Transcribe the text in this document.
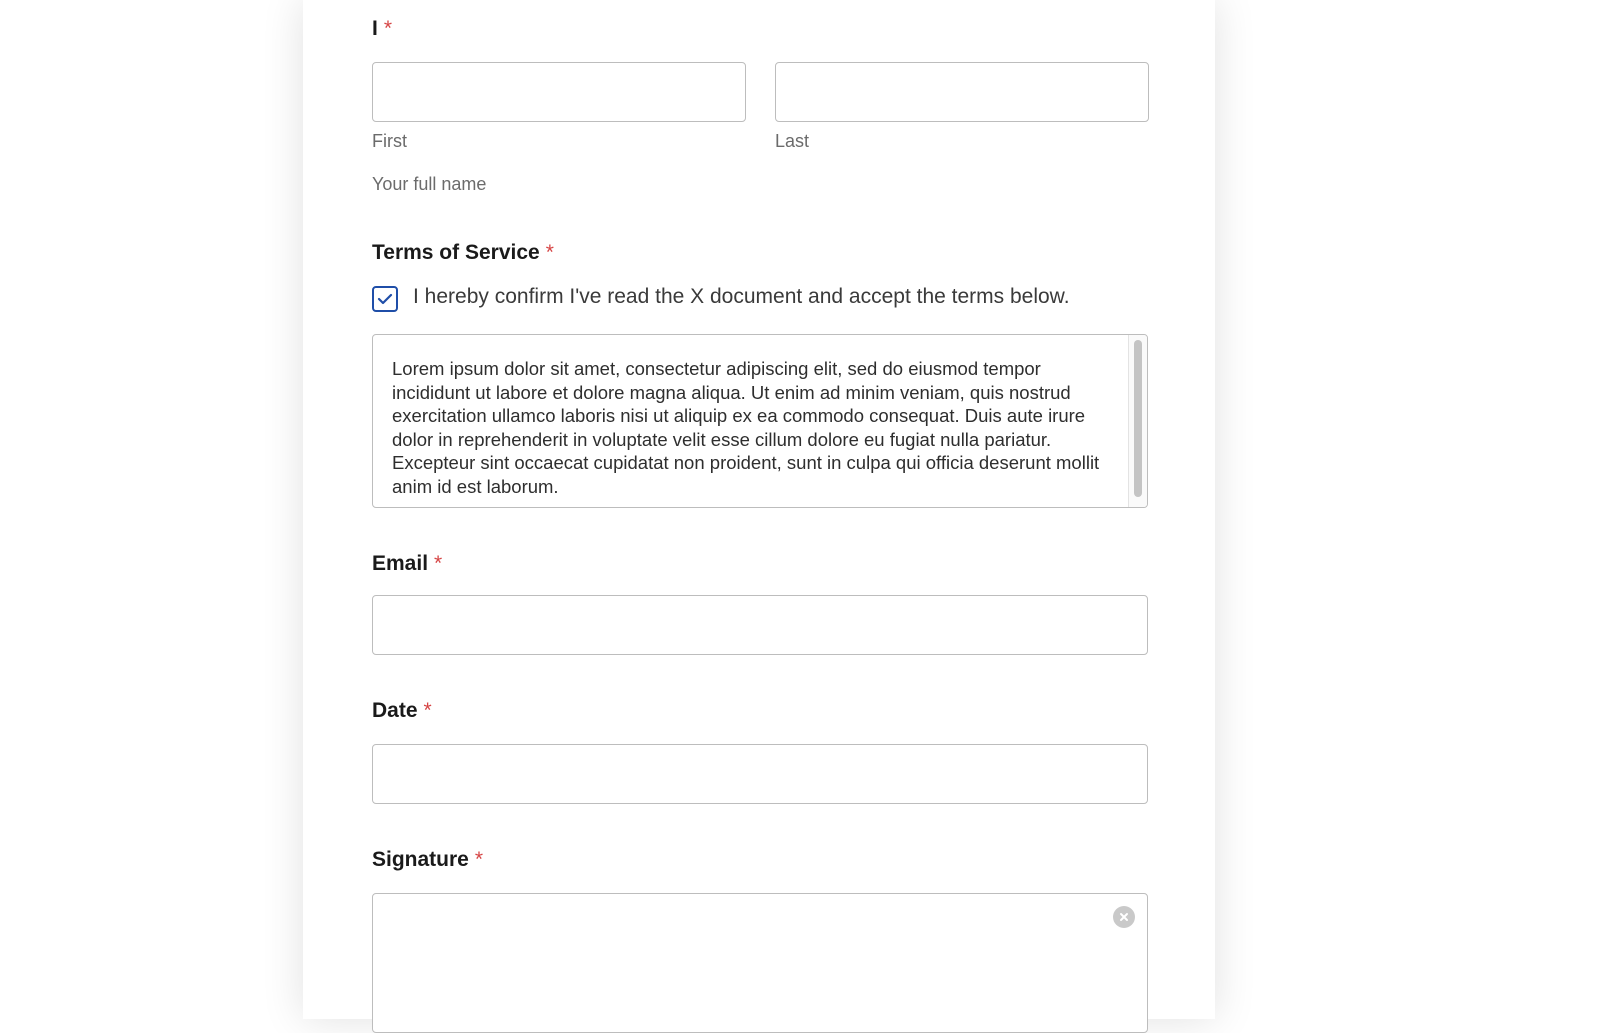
I *
First	Last
Your full name
Terms of Service *
I hereby confirm I've read the X document and accept the terms below.
Lorem ipsum dolor sit amet, consectetur adipiscing elit, sed do eiusmod tempor incididunt ut labore et dolore magna aliqua. Ut enim ad minim veniam, quis nostrud exercitation ullamco laboris nisi ut aliquip ex ea commodo consequat. Duis aute irure dolor in reprehenderit in voluptate velit esse cillum dolore eu fugiat nulla pariatur. Excepteur sint occaecat cupidatat non proident, sunt in culpa qui officia deserunt mollit anim id est laborum.
Email *
Date *
Signature *
